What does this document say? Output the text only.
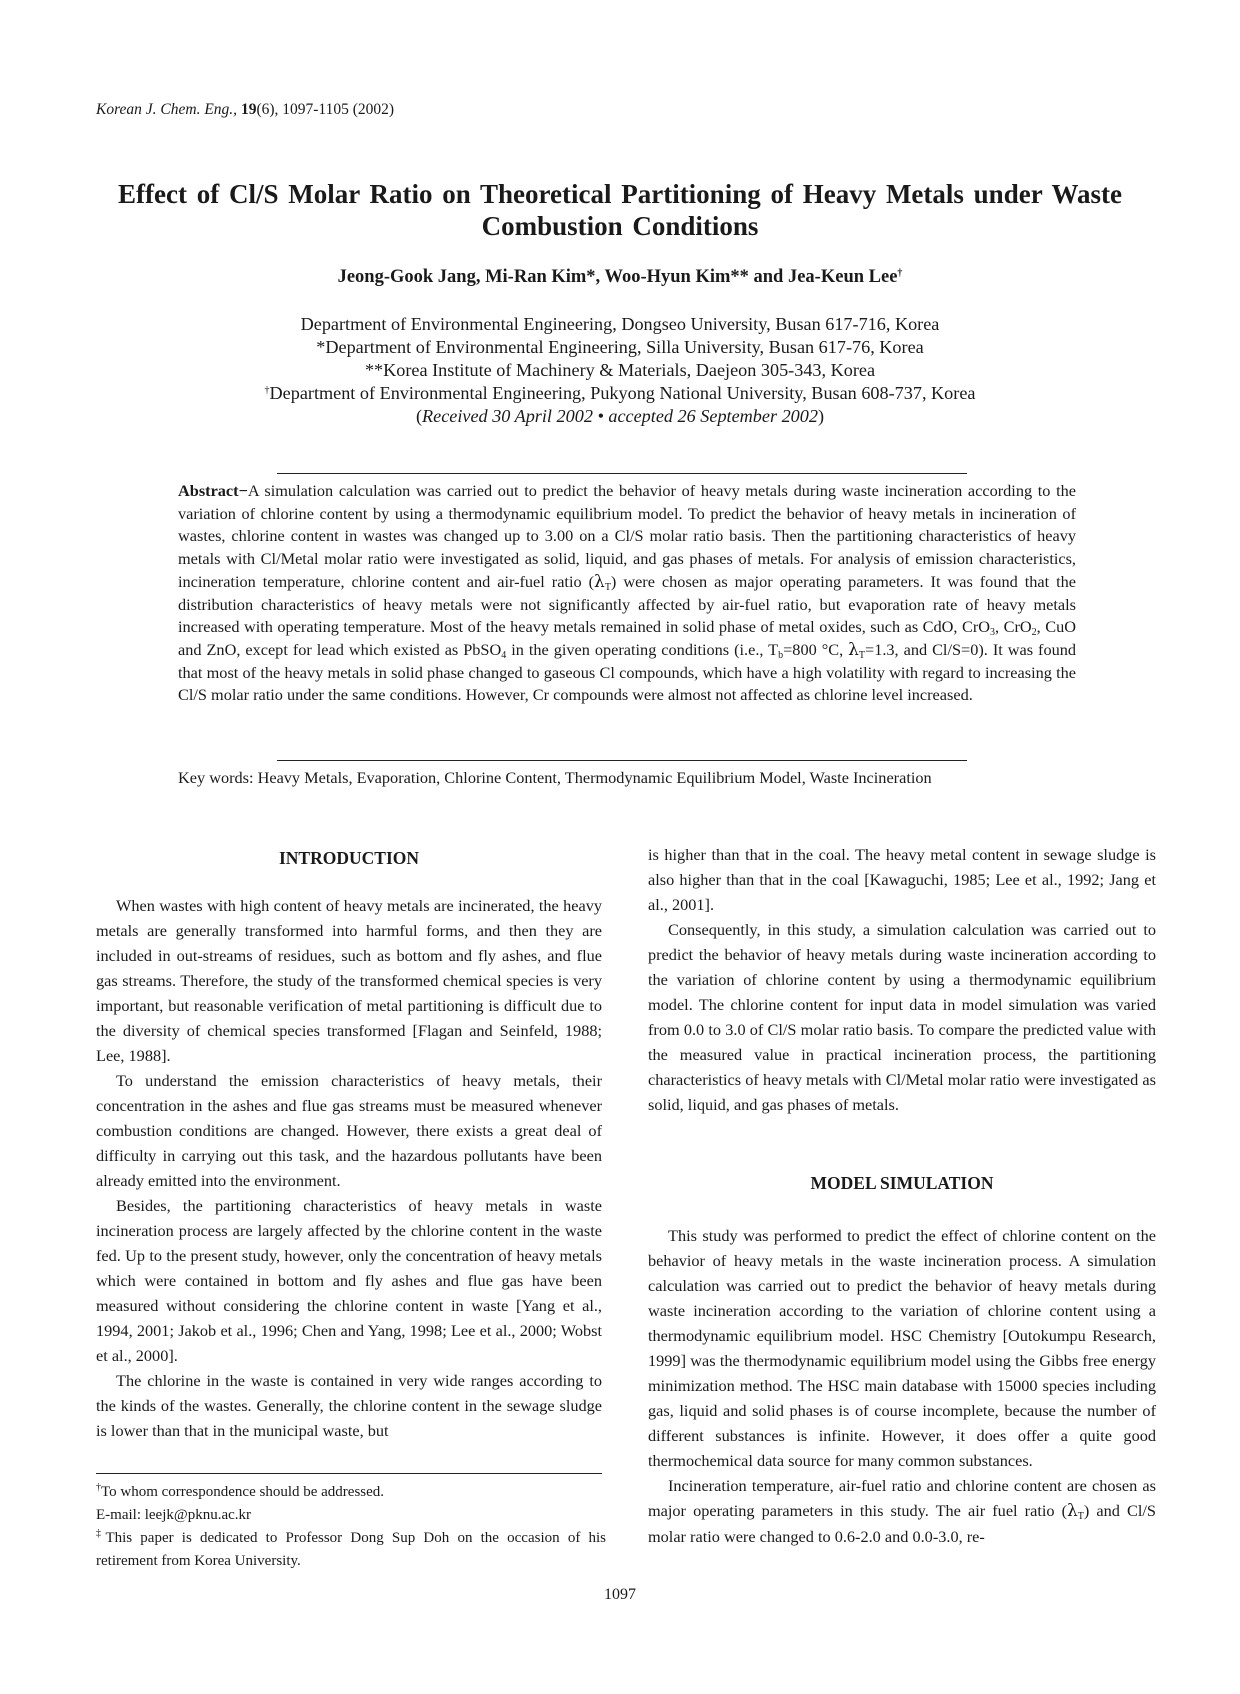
Korean J. Chem. Eng., 19(6), 1097-1105 (2002)
Effect of Cl/S Molar Ratio on Theoretical Partitioning of Heavy Metals under Waste Combustion Conditions
Jeong-Gook Jang, Mi-Ran Kim*, Woo-Hyun Kim** and Jea-Keun Lee†
Department of Environmental Engineering, Dongseo University, Busan 617-716, Korea
*Department of Environmental Engineering, Silla University, Busan 617-76, Korea
**Korea Institute of Machinery & Materials, Daejeon 305-343, Korea
†Department of Environmental Engineering, Pukyong National University, Busan 608-737, Korea
(Received 30 April 2002 • accepted 26 September 2002)
Abstract−A simulation calculation was carried out to predict the behavior of heavy metals during waste incineration according to the variation of chlorine content by using a thermodynamic equilibrium model. To predict the behavior of heavy metals in incineration of wastes, chlorine content in wastes was changed up to 3.00 on a Cl/S molar ratio basis. Then the partitioning characteristics of heavy metals with Cl/Metal molar ratio were investigated as solid, liquid, and gas phases of metals. For analysis of emission characteristics, incineration temperature, chlorine content and air-fuel ratio $(\lambda_T)$ were chosen as major operating parameters. It was found that the distribution characteristics of heavy metals were not significantly affected by air-fuel ratio, but evaporation rate of heavy metals increased with operating temperature. Most of the heavy metals remained in solid phase of metal oxides, such as CdO, CrO$_3$, CrO$_2$, CuO and ZnO, except for lead which existed as PbSO$_4$ in the given operating conditions (i.e., $T_b=800$ °C, $\lambda_T=1.3$, and Cl/S=0). It was found that most of the heavy metals in solid phase changed to gaseous Cl compounds, which have a high volatility with regard to increasing the Cl/S molar ratio under the same conditions. However, Cr compounds were almost not affected as chlorine level increased.
Key words: Heavy Metals, Evaporation, Chlorine Content, Thermodynamic Equilibrium Model, Waste Incineration
INTRODUCTION

When wastes with high content of heavy metals are incinerated, the heavy metals are generally transformed into harmful forms, and then they are included in out-streams of residues, such as bottom and fly ashes, and flue gas streams. Therefore, the study of the transformed chemical species is very important, but reasonable verification of metal partitioning is difficult due to the diversity of chemical species transformed [Flagan and Seinfeld, 1988; Lee, 1988].

To understand the emission characteristics of heavy metals, their concentration in the ashes and flue gas streams must be measured whenever combustion conditions are changed. However, there exists a great deal of difficulty in carrying out this task, and the hazardous pollutants have been already emitted into the environment.

Besides, the partitioning characteristics of heavy metals in waste incineration process are largely affected by the chlorine content in the waste fed. Up to the present study, however, only the concentration of heavy metals which were contained in bottom and fly ashes and flue gas have been measured without considering the chlorine content in waste [Yang et al., 1994, 2001; Jakob et al., 1996; Chen and Yang, 1998; Lee et al., 2000; Wobst et al., 2000].

The chlorine in the waste is contained in very wide ranges according to the kinds of the wastes. Generally, the chlorine content in the sewage sludge is lower than that in the municipal waste, but

†To whom correspondence should be addressed.

E-mail: leejk@pknu.ac.kr

‡This paper is dedicated to Professor Dong Sup Doh on the occasion of his retirement from Korea University.

is higher than that in the coal. The heavy metal content in sewage sludge is also higher than that in the coal [Kawaguchi, 1985; Lee et al., 1992; Jang et al., 2001].

Consequently, in this study, a simulation calculation was carried out to predict the behavior of heavy metals during waste incineration according to the variation of chlorine content by using a thermodynamic equilibrium model. The chlorine content for input data in model simulation was varied from 0.0 to 3.0 of Cl/S molar ratio basis. To compare the predicted value with the measured value in practical incineration process, the partitioning characteristics of heavy metals with Cl/Metal molar ratio were investigated as solid, liquid, and gas phases of metals.

MODEL SIMULATION

This study was performed to predict the effect of chlorine content on the behavior of heavy metals in the waste incineration process. A simulation calculation was carried out to predict the behavior of heavy metals during waste incineration according to the variation of chlorine content using a thermodynamic equilibrium model. HSC Chemistry [Outokumpu Research, 1999] was the thermodynamic equilibrium model using the Gibbs free energy minimization method. The HSC main database with 15000 species including gas, liquid and solid phases is of course incomplete, because the number of different substances is infinite. However, it does offer a quite good thermochemical data source for many common substances.

Incineration temperature, air-fuel ratio and chlorine content are chosen as major operating parameters in this study. The air fuel ratio $(\lambda_T)$ and Cl/S molar ratio were changed to 0.6-2.0 and 0.0-3.0, re-

1097
